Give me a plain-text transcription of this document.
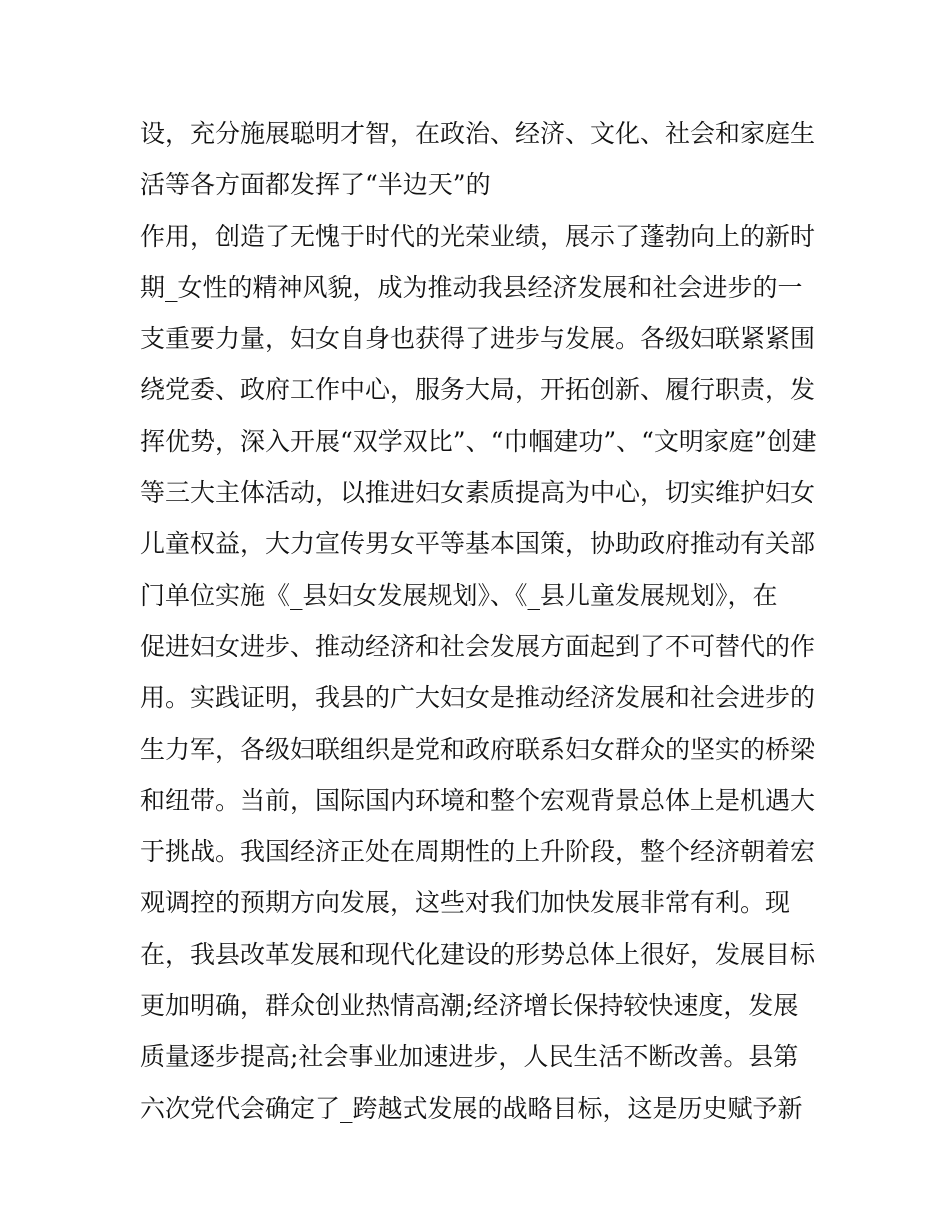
设，充分施展聪明才智，在政治、经济、文化、社会和家庭生
活等各方面都发挥了“半边天”的
作用，创造了无愧于时代的光荣业绩，展示了蓬勃向上的新时
期_女性的精神风貌，成为推动我县经济发展和社会进步的一
支重要力量，妇女自身也获得了进步与发展。各级妇联紧紧围
绕党委、政府工作中心，服务大局，开拓创新、履行职责，发
挥优势，深入开展“双学双比”、“巾帼建功”、“文明家庭”创建
等三大主体活动，以推进妇女素质提高为中心，切实维护妇女
儿童权益，大力宣传男女平等基本国策，协助政府推动有关部
门单位实施《_县妇女发展规划》、《_县儿童发展规划》，在
促进妇女进步、推动经济和社会发展方面起到了不可替代的作
用。实践证明，我县的广大妇女是推动经济发展和社会进步的
生力军，各级妇联组织是党和政府联系妇女群众的坚实的桥梁
和纽带。当前，国际国内环境和整个宏观背景总体上是机遇大
于挑战。我国经济正处在周期性的上升阶段，整个经济朝着宏
观调控的预期方向发展，这些对我们加快发展非常有利。现
在，我县改革发展和现代化建设的形势总体上很好，发展目标
更加明确，群众创业热情高潮;经济增长保持较快速度，发展
质量逐步提高;社会事业加速进步，人民生活不断改善。县第
六次党代会确定了_跨越式发展的战略目标，这是历史赋予新
